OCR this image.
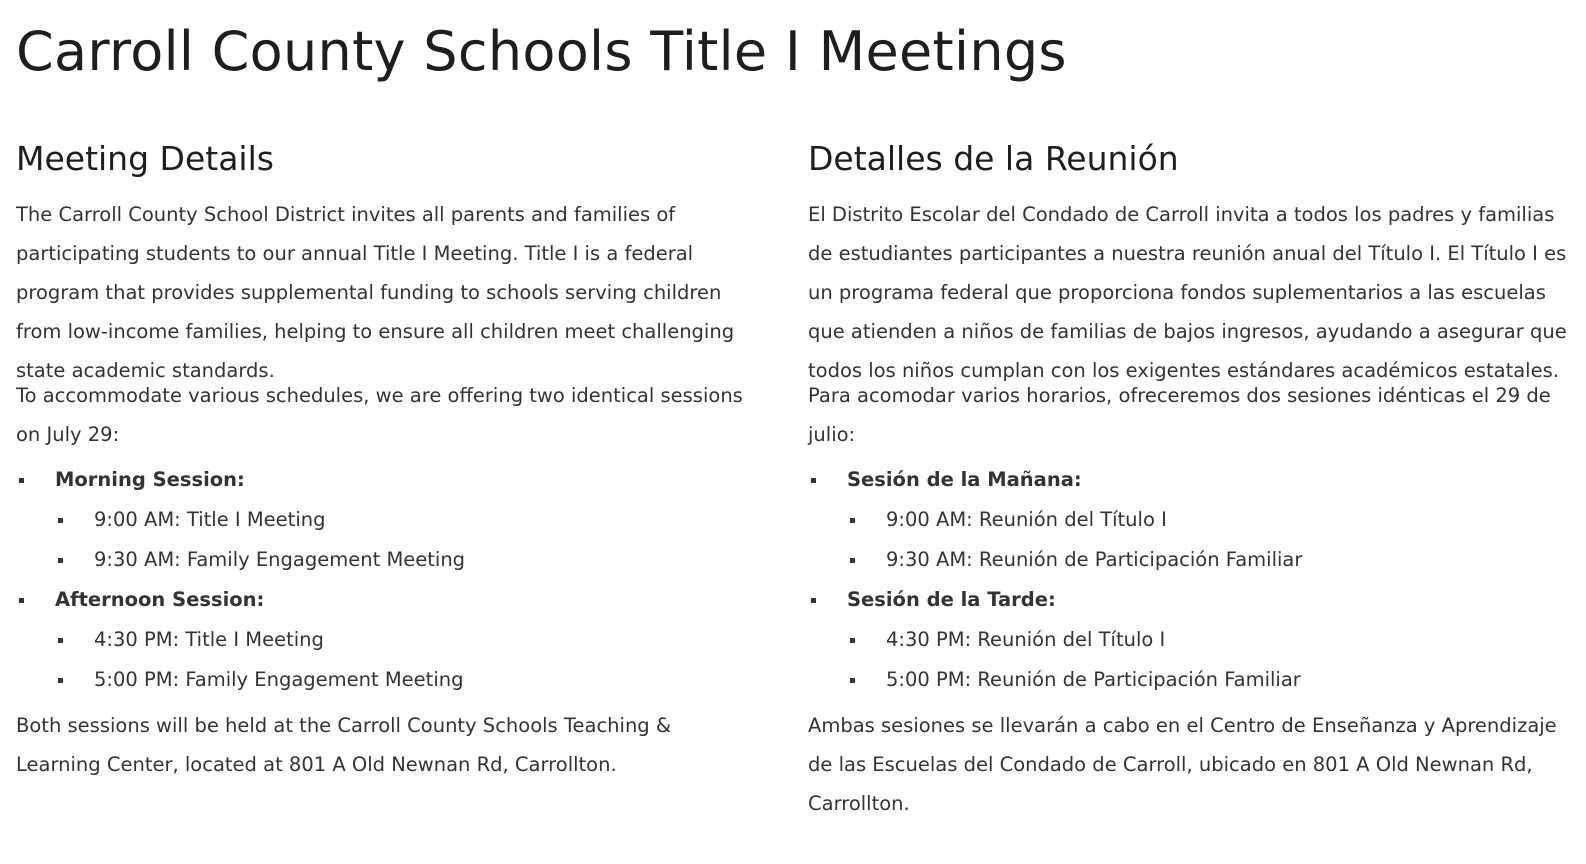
Carroll County Schools Title I Meetings
Meeting Details

The Carroll County School District invites all parents and families of participating students to our annual Title I Meeting. Title I is a federal program that provides supplemental funding to schools serving children from low-income families, helping to ensure all children meet challenging state academic standards.

To accommodate various schedules, we are offering two identical sessions on July 29:

Morning Session:
9:00 AM: Title I Meeting
9:30 AM: Family Engagement Meeting
Afternoon Session:
4:30 PM: Title I Meeting
5:00 PM: Family Engagement Meeting

Both sessions will be held at the Carroll County Schools Teaching & Learning Center, located at 801 A Old Newnan Rd, Carrollton.

Detalles de la Reunión

El Distrito Escolar del Condado de Carroll invita a todos los padres y familias de estudiantes participantes a nuestra reunión anual del Título I. El Título I es un programa federal que proporciona fondos suplementarios a las escuelas que atienden a niños de familias de bajos ingresos, ayudando a asegurar que todos los niños cumplan con los exigentes estándares académicos estatales.

Para acomodar varios horarios, ofreceremos dos sesiones idénticas el 29 de julio:

Sesión de la Mañana:
9:00 AM: Reunión del Título I
9:30 AM: Reunión de Participación Familiar
Sesión de la Tarde:
4:30 PM: Reunión del Título I
5:00 PM: Reunión de Participación Familiar

Ambas sesiones se llevarán a cabo en el Centro de Enseñanza y Aprendizaje de las Escuelas del Condado de Carroll, ubicado en 801 A Old Newnan Rd, Carrollton.
